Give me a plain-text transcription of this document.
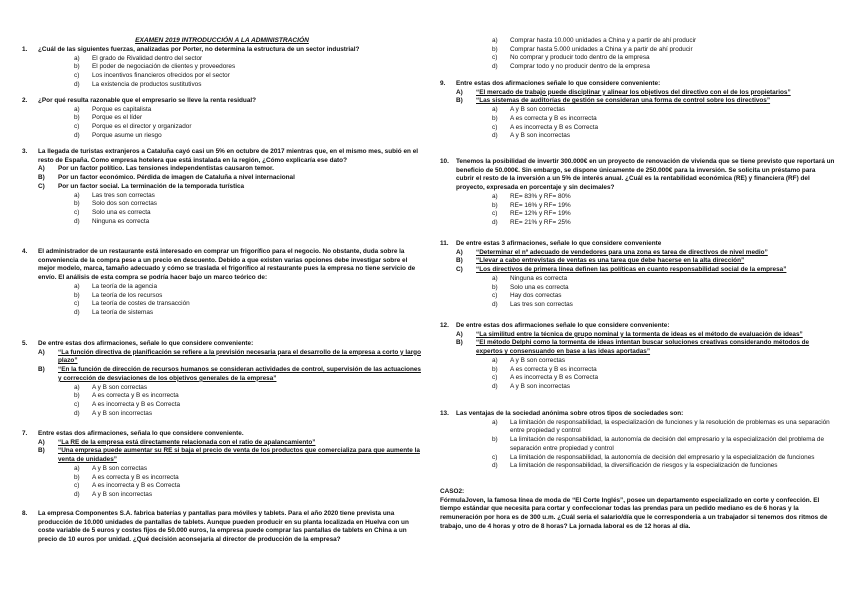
EXAMEN 2019 INTRODUCCIÓN A LA ADMINISTRACIÓN
1.	¿Cuál de las siguientes fuerzas, analizadas por Porter, no determina la estructura de un sector industrial?
a)	El grado de Rivalidad dentro del sector
b)	El poder de negociación de clientes y proveedores
c)	Los incentivos financieros ofrecidos por el sector
d)	La existencia de productos sustitutivos
2.	¿Por qué resulta razonable que el empresario se lleve la renta residual?
a)	Porque es capitalista
b)	Porque es el líder
c)	Porque es el director y organizador
d)	Porque asume un riesgo
3.	La llegada de turistas extranjeros a Cataluña cayó casi un 5% en octubre de 2017 mientras que, en el mismo mes, subió en el resto de España. Como empresa hotelera que está instalada en la región, ¿Cómo explicaría ese dato?
A) Por un factor político. Las tensiones independentistas causaron temor.
B) Por un factor económico. Pérdida de imagen de Cataluña a nivel internacional
C) Por un factor social. La terminación de la temporada turística
a)	Las tres son correctas
b)	Solo dos son correctas
c)	Solo una es correcta
d)	Ninguna es correcta
4.	El administrador de un restaurante está interesado en comprar un frigorífico para el negocio. No obstante, duda sobre la conveniencia de la compra pese a un precio en descuento. Debido a que existen varias opciones debe investigar sobre el mejor modelo, marca, tamaño adecuado y cómo se traslada el frigorífico al restaurante pues la empresa no tiene servicio de envío. El análisis de esta compra se podría hacer bajo un marco teórico de:
a)	La teoría de la agencia
b)	La teoría de los recursos
c)	La teoría de costes de transacción
d)	La teoría de sistemas
5.	De entre estas dos afirmaciones, señale lo que considere conveniente:
A) “La función directiva de planificación se refiere a la previsión necesaria para el desarrollo de la empresa a corto y largo plazo”
B) “En la función de dirección de recursos humanos se consideran actividades de control, supervisión de las actuaciones y corrección de desviaciones de los objetivos generales de la empresa”
a)	A y B son correctas
b)	A es correcta y B es incorrecta
c)	A es incorrecta y B es Correcta
d)	A y B son incorrectas
7.	Entre estas dos afirmaciones, señala lo que considere conveniente.
A) “La RE de la empresa está directamente relacionada con el ratio de apalancamiento”
B) “Una empresa puede aumentar su RE si baja el precio de venta de los productos que comercializa para que aumente la venta de unidades”
a)	A y B son correctas
b)	A es correcta y B es incorrecta
c)	A es incorrecta y B es Correcta
d)	A y B son incorrectas
8.	La empresa Componentes S.A. fabrica baterías y pantallas para móviles y tablets. Para el año 2020 tiene prevista una producción de 10.000 unidades de pantallas de tablets. Aunque pueden producir en su planta localizada en Huelva con un coste variable de 5 euros y costes fijos de 50.000 euros, la empresa puede comprar las pantallas de tablets en China a un precio de 10 euros por unidad. ¿Qué decisión aconsejaría al director de producción de la empresa?
a)	Comprar hasta 10.000 unidades a China y a partir de ahí producir
b)	Comprar hasta 5.000 unidades a China y a partir de ahí producir
c)	No comprar y producir todo dentro de la empresa
d)	Comprar todo y no producir dentro de la empresa
9.	Entre estas dos afirmaciones señale lo que considere conveniente:
A) “El mercado de trabajo puede disciplinar y alinear los objetivos del directivo con el de los propietarios”
B) “Las sistemas de auditorías de gestión se consideran una forma de control sobre los directivos”
a)	A y B son correctas
b)	A es correcta y B es incorrecta
c)	A es incorrecta y B es Correcta
d)	A y B son incorrectas
10.	Tenemos la posibilidad de invertir 300.000€ en un proyecto de renovación de vivienda que se tiene previsto que reportará un beneficio de 50.000€. Sin embargo, se dispone únicamente de 250.000€ para la inversión. Se solicita un préstamo para cubrir el resto de la inversión a un 5% de interés anual. ¿Cuál es la rentabilidad económica (RE) y financiera (RF) del proyecto, expresada en porcentaje y sin decimales?
a)	RE= 83% y RF= 80%
b)	RE= 16% y RF= 19%
c)	RE= 12% y RF= 19%
d)	RE= 21% y RF= 25%
11.	De entre estas 3 afirmaciones, señale lo que considere conveniente
A) “Determinar el nº adecuado de vendedores para una zona es tarea de directivos de nivel medio”
B) “Llevar a cabo entrevistas de ventas es una tarea que debe hacerse en la alta dirección”
C) “Los directivos de primera línea definen las políticas en cuanto responsabilidad social de la empresa”
a)	Ninguna es correcta
b)	Solo una es correcta
c)	Hay dos correctas
d)	Las tres son correctas
12.	De entre estas dos afirmaciones señale lo que considere conveniente:
A) “La similitud entre la técnica de grupo nominal y la tormenta de ideas es el método de evaluación de ideas”
B) “El método Delphi como la tormenta de ideas intentan buscar soluciones creativas considerando métodos de expertos y consensuando en base a las ideas aportadas”
a)	A y B son correctas
b)	A es correcta y B es incorrecta
c)	A es incorrecta y B es Correcta
d)	A y B son incorrectas
13.	Las ventajas de la sociedad anónima sobre otros tipos de sociedades son:
a)	La limitación de responsabilidad, la especialización de funciones y la resolución de problemas es una separación entre propiedad y control
b)	La limitación de responsabilidad, la autonomía de decisión del empresario y la especialización del problema de separación entre propiedad y control
c)	La limitación de responsabilidad, la autonomía de decisión del empresario y la especialización de funciones
d)	La limitación de responsabilidad, la diversificación de riesgos y la especialización de funciones
CASO2:
FórmulaJoven, la famosa línea de moda de “El Corte Inglés”, posee un departamento especializado en corte y confección. El tiempo estándar que necesita para cortar y confeccionar todas las prendas para un pedido mediano es de 6 horas y la remuneración por hora es de 300 u.m. ¿Cuál sería el salario/día que le correspondería a un trabajador si tenemos dos ritmos de
trabajo, uno de 4 horas y otro de 8 horas? La jornada laboral es de 12 horas al día.
